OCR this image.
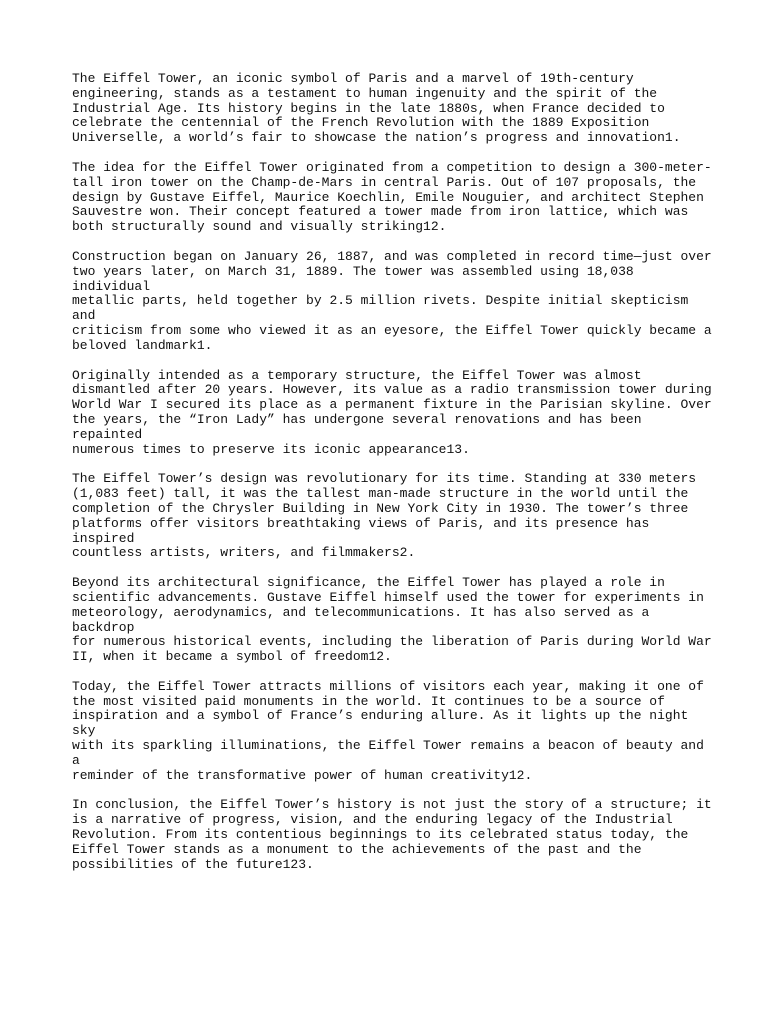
The Eiffel Tower, an iconic symbol of Paris and a marvel of 19th-century
engineering, stands as a testament to human ingenuity and the spirit of the
Industrial Age. Its history begins in the late 1880s, when France decided to
celebrate the centennial of the French Revolution with the 1889 Exposition
Universelle, a world’s fair to showcase the nation’s progress and innovation1.

The idea for the Eiffel Tower originated from a competition to design a 300-meter-
tall iron tower on the Champ-de-Mars in central Paris. Out of 107 proposals, the
design by Gustave Eiffel, Maurice Koechlin, Emile Nouguier, and architect Stephen
Sauvestre won. Their concept featured a tower made from iron lattice, which was
both structurally sound and visually striking12.

Construction began on January 26, 1887, and was completed in record time—just over
two years later, on March 31, 1889. The tower was assembled using 18,038 individual
metallic parts, held together by 2.5 million rivets. Despite initial skepticism and
criticism from some who viewed it as an eyesore, the Eiffel Tower quickly became a
beloved landmark1.

Originally intended as a temporary structure, the Eiffel Tower was almost
dismantled after 20 years. However, its value as a radio transmission tower during
World War I secured its place as a permanent fixture in the Parisian skyline. Over
the years, the “Iron Lady” has undergone several renovations and has been repainted
numerous times to preserve its iconic appearance13.

The Eiffel Tower’s design was revolutionary for its time. Standing at 330 meters
(1,083 feet) tall, it was the tallest man-made structure in the world until the
completion of the Chrysler Building in New York City in 1930. The tower’s three
platforms offer visitors breathtaking views of Paris, and its presence has inspired
countless artists, writers, and filmmakers2.

Beyond its architectural significance, the Eiffel Tower has played a role in
scientific advancements. Gustave Eiffel himself used the tower for experiments in
meteorology, aerodynamics, and telecommunications. It has also served as a backdrop
for numerous historical events, including the liberation of Paris during World War
II, when it became a symbol of freedom12.

Today, the Eiffel Tower attracts millions of visitors each year, making it one of
the most visited paid monuments in the world. It continues to be a source of
inspiration and a symbol of France’s enduring allure. As it lights up the night sky
with its sparkling illuminations, the Eiffel Tower remains a beacon of beauty and a
reminder of the transformative power of human creativity12.

In conclusion, the Eiffel Tower’s history is not just the story of a structure; it
is a narrative of progress, vision, and the enduring legacy of the Industrial
Revolution. From its contentious beginnings to its celebrated status today, the
Eiffel Tower stands as a monument to the achievements of the past and the
possibilities of the future123.
